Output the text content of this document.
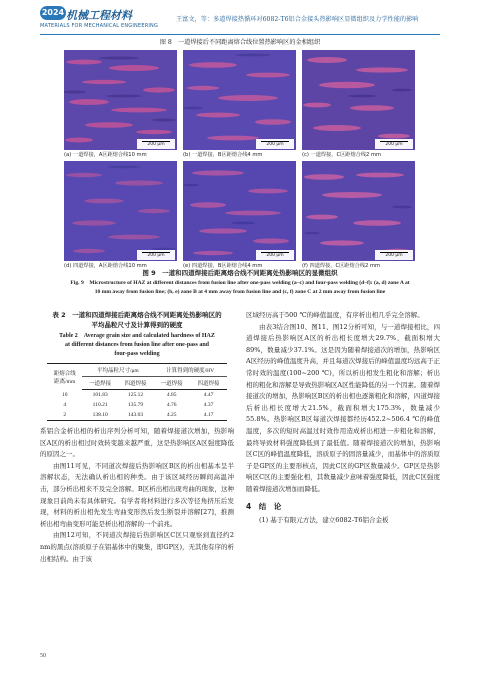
2024 机械工程材料
MATERIALS FOR MECHANICAL ENGINEERING
王富文，等：多道焊接热循环对6082-T6铝合金接头热影响区显微组织及力学性能的影响
图 8　一道焊接后不同距离熔合线位置热影响区的金相组织
200 μm
(a) 一道焊接，A区距熔合线10 mm
200 μm
(b) 一道焊接，B区距熔合线4 mm
200 μm
(c) 一道焊接，C区距熔合线2 mm
200 μm
(d) 四道焊接，A区距熔合线10 mm
200 μm
(e) 四道焊接，B区距熔合线4 mm
200 μm
(f) 四道焊接，C区距熔合线2 mm
图 9　一道和四道焊接后距离熔合线不同距离处热影响区的显微组织
Fig. 9　Microstructure of HAZ at different distances from fusion line after one-pass welding (a–c) and four-pass welding (d–f): (a, d) zone A at
10 mm away from fusion line; (b, e) zone B at 4 mm away from fusion line and (c, f) zone C at 2 mm away from fusion line
表 2　一道和四道焊接后距离熔合线不同距离处热影响区的
平均晶粒尺寸及计算得到的硬度
Table 2　Average grain size and calculated hardness of HAZ
at different distances from fusion line after one-pass and
four-pass welding
距熔合线
距离/mm	平均晶粒尺寸/μm		计算得到的硬度/HV	
	一道焊接	四道焊接	一道焊接	四道焊接
10	101.83	125.12	4.85	4.47
4	110.21	135.79	4.76	4.37
2	138.10	143.03	4.25	4.17

系铝合金析出相的析出序列分析可知，随着焊接道次增加，热影响区A区的析出相过时效转变越来越严重，这是热影响区A区强度降低的原因之一。

由图11可见，不同道次焊接后热影响区B区的析出相基本呈半溶解状态，无法确认析出相的种类。由于该区域经历瞬间高温冲击，部分析出相来不及完全溶解。B区析出相出现弯曲的现象，这种现象目前尚未有具体研究。有学者将材料进行多次等径角挤压后发现，材料的析出相先发生弯曲变形然后发生断裂并溶解[27]，推测析出相弯曲变形可能是析出相溶解的一个前兆。

由图12可知，不同道次焊接后热影响区C区只观察到直径约2 nm的黑点(溶质原子在铝基体中的聚集，即GP区)，无其他有序的析出相结构。由于该

区域经历高于500 ℃的峰值温度，有序析出相几乎完全溶解。

由表3结合图10、图11、图12分析可知，与一道焊接相比，四道焊接后热影响区A区的析出相长度增大29.7%，截面积增大89%，数量减少37.1%。这是因为随着焊接道次的增加，热影响区A区经历的峰值温度升高，并且每道次焊接后的峰值温度均远高于正常时效的温度(100~200 ℃)，所以析出相发生粗化和溶解；析出相的粗化和溶解是导致热影响区A区性能降低的另一个因素。随着焊接道次的增加，热影响区B区的析出相也逐渐粗化和溶解，四道焊接后析出相长度增大21.5%，截面积增大175.3%，数量减少55.8%。热影响区B区每道次焊接都经历452.2~506.4 ℃的峰值温度，多次的短时高温过时效作用造成析出相进一步粗化和溶解，最终导致材料强度降低到了最低值。随着焊接道次的增加，热影响区C区的峰值温度降低，溶质原子的固溶量减少，而基体中的溶质原子是GP区的主要形核点，因此C区的GP区数量减少。GP区是热影响区C区的主要强化相，其数量减少意味着强度降低，因此C区强度随着焊接道次增加而降低。

4　结　论

(1) 基于有限元方法，建立6082-T6铝合金板

50
